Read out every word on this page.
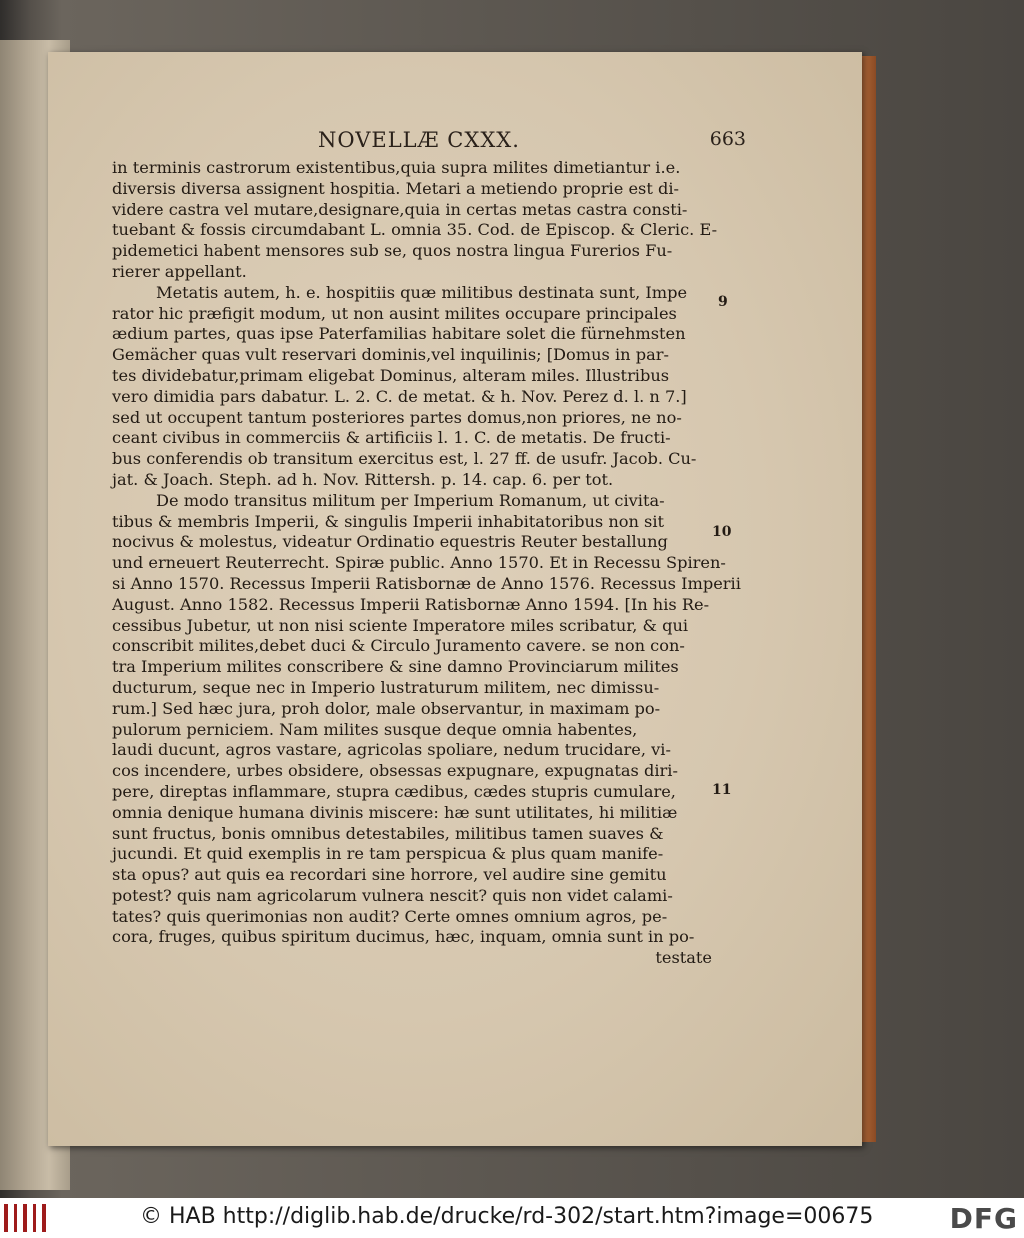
NOVELLÆ CXXX.	663
in terminis castrorum existentibus,quia supra milites dimetiantur i.e.
diversis diversa assignent hospitia. Metari a metiendo proprie est di-
videre castra vel mutare,designare,quia in certas metas castra consti-
tuebant & fossis circumdabant L. omnia 35. Cod. de Episcop. & Cleric. E-
pidemetici habent mensores sub se, quos nostra lingua Furerios Fu-
rierer appellant.
Metatis autem, h. e. hospitiis quæ militibus destinata sunt, Impe
rator hic præfigit modum, ut non ausint milites occupare principales
ædium partes, quas ipse Paterfamilias habitare solet die fürnehmsten
Gemächer quas vult reservari dominis,vel inquilinis; [Domus in par-
tes dividebatur,primam eligebat Dominus, alteram miles. Illustribus
vero dimidia pars dabatur. L. 2. C. de metat. & h. Nov. Perez d. l. n 7.]
sed ut occupent tantum posteriores partes domus,non priores, ne no-
ceant civibus in commerciis & artificiis l. 1. C. de metatis. De fructi-
bus conferendis ob transitum exercitus est, l. 27 ff. de usufr. Jacob. Cu-
jat. & Joach. Steph. ad h. Nov. Rittersh. p. 14. cap. 6. per tot.
De modo transitus militum per Imperium Romanum, ut civita-
tibus & membris Imperii, & singulis Imperii inhabitatoribus non sit
nocivus & molestus, videatur Ordinatio equestris Reuter bestallung
und erneuert Reuterrecht. Spiræ public. Anno 1570. Et in Recessu Spiren-
si Anno 1570. Recessus Imperii Ratisbornæ de Anno 1576. Recessus Imperii
August. Anno 1582. Recessus Imperii Ratisbornæ Anno 1594. [In his Re-
cessibus Jubetur, ut non nisi sciente Imperatore miles scribatur, & qui
conscribit milites,debet duci & Circulo Juramento cavere. se non con-
tra Imperium milites conscribere & sine damno Provinciarum milites
ducturum, seque nec in Imperio lustraturum militem, nec dimissu-
rum.] Sed hæc jura, proh dolor, male observantur, in maximam po-
pulorum perniciem. Nam milites susque deque omnia habentes,
laudi ducunt, agros vastare, agricolas spoliare, nedum trucidare, vi-
cos incendere, urbes obsidere, obsessas expugnare, expugnatas diri-
pere, direptas inflammare, stupra cædibus, cædes stupris cumulare,
omnia denique humana divinis miscere: hæ sunt utilitates, hi militiæ
sunt fructus, bonis omnibus detestabiles, militibus tamen suaves &
jucundi. Et quid exemplis in re tam perspicua & plus quam manife-
sta opus? aut quis ea recordari sine horrore, vel audire sine gemitu
potest? quis nam agricolarum vulnera nescit? quis non videt calami-
tates? quis querimonias non audit? Certe omnes omnium agros, pe-
cora, fruges, quibus spiritum ducimus, hæc, inquam, omnia sunt in po-
testate
9
10
11
© HAB http://diglib.hab.de/drucke/rd-302/start.htm?image=00675	DFG
